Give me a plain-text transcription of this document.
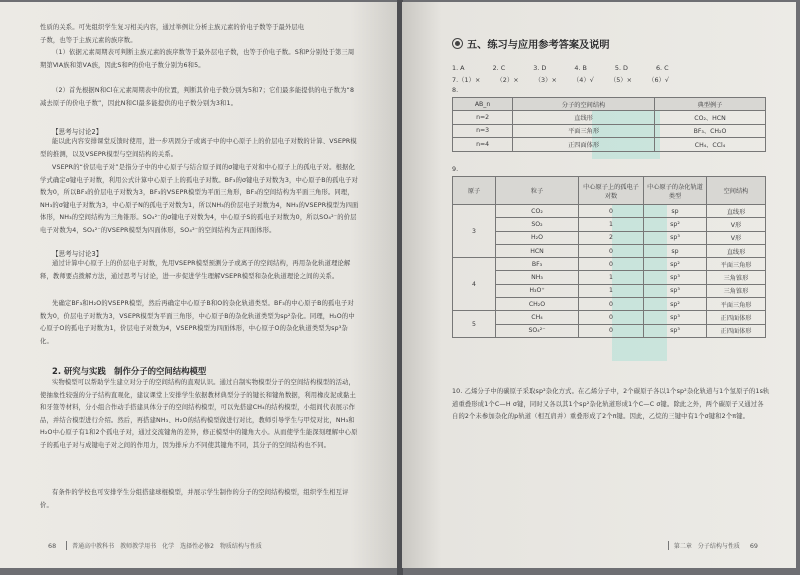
性质的关系。可先组织学生复习相关内容，通过举例让分析主族元素的价电子数等于最外层电

子数，也等于主族元素的族序数。

（1）依据元素周期表可判断主族元素的族序数等于最外层电子数，也等于价电子数。S和P分别处于第三周期第ⅥA族和第ⅤA族，因此S和P的价电子数分别为6和5。

（2）首先根据N和Cl在元素周期表中的位置，判断其价电子数分别为5和7；它们最多能提供的电子数为“8减去原子的价电子数”，因此N和Cl最多能提供的电子数分别为3和1。

【思考与讨论2】

能以此内容安排课堂反馈时使用，进一步巩固分子或离子中的中心原子上的价层电子对数的计算、VSEPR模型的推测，以及VSEPR模型与空间结构的关系。

VSEPR的“价层电子对”是指分子中的中心原子与结合原子间的σ键电子对和中心原子上的孤电子对。根据化学式确定σ键电子对数，利用公式计算中心原子上的孤电子对数。BF₃的σ键电子对数为3，中心原子B的孤电子对数为0，所以BF₃的价层电子对数为3，BF₃的VSEPR模型为平面三角形，BF₃的空间结构为平面三角形。同理，NH₃的σ键电子对数为3，中心原子N的孤电子对数为1，所以NH₃的价层电子对数为4，NH₃的VSEPR模型为四面体形，NH₃的空间结构为三角锥形。SO₄²⁻的σ键电子对数为4，中心原子S的孤电子对数为0，所以SO₄²⁻的价层电子对数为4，SO₄²⁻的VSEPR模型为四面体形，SO₄²⁻的空间结构为正四面体形。

【思考与讨论3】

通过计算中心原子上的价层电子对数，先用VSEPR模型预测分子或离子的空间结构，再用杂化轨道理论解释，教师要点拨解方法，通过思考与讨论，进一步促进学生理解VSEPR模型和杂化轨道理论之间的关系。

先确定BF₃和H₂O的VSEPR模型，然后再确定中心原子B和O的杂化轨道类型。BF₃的中心原子B的孤电子对数为0，价层电子对数为3，VSEPR模型为平面三角形，中心原子B的杂化轨道类型为sp²杂化。同理，H₂O的中心原子O的孤电子对数为1，价层电子对数为4，VSEPR模型为四面体形，中心原子O的杂化轨道类型为sp³杂化。

2. 研究与实践　制作分子的空间结构模型

实物模型可以帮助学生建立对分子的空间结构的直观认识。通过自制实物模型分子的空间结构模型的活动，使抽象性较强的分子结构直观化，建议课堂上安排学生依据教材典型分子的键长和键角数据，利用橡皮泥或黏土和牙签等材料，分小组合作动手搭建具体分子的空间结构模型，可以先搭建CH₄的结构模型，小组间代表展示作品，并结合模型进行介绍。然后，再搭建NH₃、H₂O的结构模型做进行对比，教师引导学生与甲烷对比，NH₃和H₂O中心原子有1和2个孤电子对，通过交流键角的差异，修正模型中的键角大小。从而使学生能深刻理解中心原子的孤电子对与成键电子对之间的作用力，因为排斥力不同使其键角不同，其分子的空间结构也不同。

有条件的学校也可安排学生分组搭建球棍模型，并展示学生制作的分子的空间结构模型，组织学生相互评价。

68	普通高中教科书　教师教学用书　化学　选择性必修2　物质结构与性质

五、练习与应用参考答案及说明

1. A	2. C	3. D	4. B	5. D	6. C

7.（1）×	（2）×	（3）×	（4）√	（5）×	（6）√

8.

AB_n	分子的空间结构	典型例子
n=2	直线形	CO₂、HCN
n=3	平面三角形	BF₃、CH₂O
n=4	正四面体形	CH₄、CCl₄

9.

原子	粒子	中心原子上的孤电子对数	中心原子的杂化轨道类型	空间结构
3	CO₂	0	sp	直线形
	SO₂	1	sp²	V形
	H₂O	2	sp³	V形
	HCN	0	sp	直线形
4	BF₃	0	sp²	平面三角形
	NH₃	1	sp³	三角锥形
	H₃O⁺	1	sp³	三角锥形
	CH₂O	0	sp²	平面三角形
5	CH₄	0	sp³	正四面体形
	SO₄²⁻	0	sp³	正四面体形

10. 乙烯分子中的碳原子采取sp²杂化方式。在乙烯分子中，2个碳原子各以1个sp²杂化轨道与1个氢原子的1s轨道重叠形成1个C—H σ键，同时又各以其1个sp²杂化轨道形成1个C—C σ键。除此之外，两个碳原子又通过各自的2个未参加杂化的p轨道（相互肩并）重叠形成了2个π键。因此，乙烷的三键中有1个σ键和2个π键。

第二章　分子结构与性质 69
